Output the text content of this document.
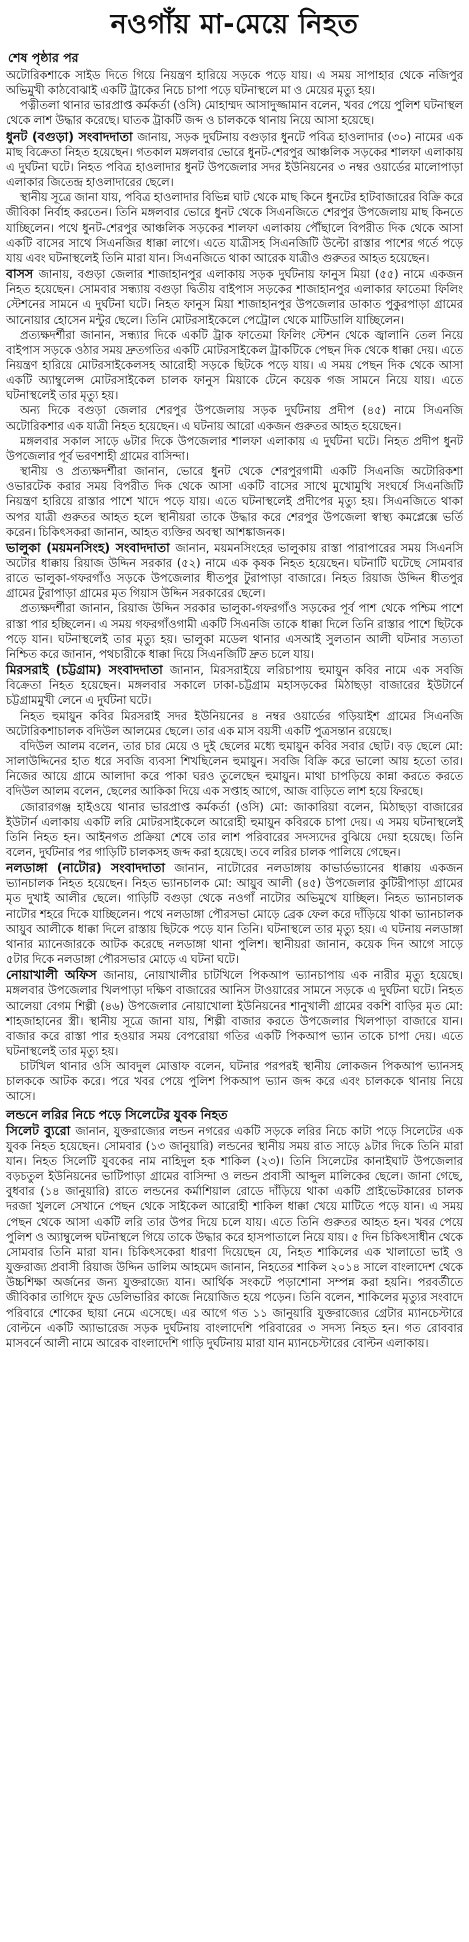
নওগাঁয় মা-মেয়ে নিহত
শেষ পৃষ্ঠার পর

অটোরিকশাকে সাইড দিতে গিয়ে নিয়ন্ত্রণ হারিয়ে সড়কে পড়ে যায়। এ সময় সাপাহার থেকে নজিপুর অভিমুখী কাঠবোঝাই একটি ট্রাকের নিচে চাপা পড়ে ঘটনাস্থলে মা ও মেয়ের মৃত্যু হয়।

পত্নীতলা থানার ভারপ্রাপ্ত কর্মকর্তা (ওসি) মোহাম্মদ আসাদুজ্জামান বলেন, খবর পেয়ে পুলিশ ঘটনাস্থল থেকে লাশ উদ্ধার করেছে। ঘাতক ট্রাকটি জব্দ ও চালককে থানায় নিয়ে আসা হয়েছে।

ধুনট (বগুড়া) সংবাদদাতা জানায়, সড়ক দুর্ঘটনায় বগুড়ার ধুনটে পবিত্র হাওলাদার (৩০) নামের এক মাছ বিক্রেতা নিহত হয়েছেন। গতকাল মঙ্গলবার ভোরে ধুনট-শেরপুর আঞ্চলিক সড়কের শালফা এলাকায় এ দুর্ঘটনা ঘটে। নিহত পবিত্র হাওলাদার ধুনট উপজেলার সদর ইউনিয়নের ৩ নম্বর ওয়ার্ডের মালোপাড়া এলাকার জিতেন্দ্র হাওলাদারের ছেলে।

স্থানীয় সূত্রে জানা যায়, পবিত্র হাওলাদার বিভিন্ন ঘাট থেকে মাছ কিনে ধুনটের হাটবাজারের বিক্রি করে জীবিকা নির্বাহ করতেন। তিনি মঙ্গলবার ভোরে ধুনট থেকে সিএনজিতে শেরপুর উপজেলায় মাছ কিনতে যাচ্ছিলেন। পথে ধুনট-শেরপুর আঞ্চলিক সড়কের শালফা এলাকায় পৌঁছালে বিপরীত দিক থেকে আসা একটি বাসের সাথে সিএনজির ধাক্কা লাগে। এতে যাত্রীসহ সিএনজিটি উল্টো রাস্তার পাশের গর্তে পড়ে যায় এবং ঘটনাস্থলেই তিনি মারা যান। সিএনজিতে থাকা আরেক যাত্রীও গুরুতর আহত হয়েছেন।

বাসস জানায়, বগুড়া জেলার শাজাহানপুর এলাকায় সড়ক দুর্ঘটনায় ফানুস মিয়া (৫৫) নামে একজন নিহত হয়েছেন। সোমবার সন্ধ্যায় বগুড়া দ্বিতীয় বাইপাস সড়কের শাজাহানপুর এলাকার ফাতেমা ফিলিং স্টেশনের সামনে এ দুর্ঘটনা ঘটে। নিহত ফানুস মিয়া শাজাহানপুর উপজেলার ডাকাত পুকুরপাড়া গ্রামের আনোয়ার হোসেন মন্টুর ছেলে। তিনি মোটরসাইকেলে পেট্রোল থেকে মাটিডালি যাচ্ছিলেন।

প্রত্যক্ষদর্শীরা জানান, সন্ধ্যার দিকে একটি ট্রাক ফাতেমা ফিলিং স্টেশন থেকে জ্বালানি তেল নিয়ে বাইপাস সড়কে ওঠার সময় দ্রুতগতির একটি মোটরসাইকেল ট্রাকটিকে পেছন দিক থেকে ধাক্কা দেয়। এতে নিয়ন্ত্রণ হারিয়ে মোটরসাইকেলসহ আরোহী সড়কে ছিটকে পড়ে যায়। এ সময় পেছন দিক থেকে আসা একটি অ্যাম্বুলেন্স মোটরসাইকেল চালক ফানুস মিয়াকে টেনে কয়েক গজ সামনে নিয়ে যায়। এতে ঘটনাস্থলেই তার মৃত্যু হয়।

অন্য দিকে বগুড়া জেলার শেরপুর উপজেলায় সড়ক দুর্ঘটনায় প্রদীপ (৪৫) নামে সিএনজি অটোরিকশার এক যাত্রী নিহত হয়েছেন। এ ঘটনায় আরো একজন গুরুতর আহত হয়েছেন।

মঙ্গলবার সকাল সাড়ে ৬টার দিকে উপজেলার শালফা এলাকায় এ দুর্ঘটনা ঘটে। নিহত প্রদীপ ধুনট উপজেলার পূর্ব ভরণশাহী গ্রামের বাসিন্দা।

স্থানীয় ও প্রত্যক্ষদর্শীরা জানান, ভোরে ধুনট থেকে শেরপুরগামী একটি সিএনজি অটোরিকশা ওভারটেক করার সময় বিপরীত দিক থেকে আসা একটি বাসের সাথে মুখোমুখি সংঘর্ষে সিএনজিটি নিয়ন্ত্রণ হারিয়ে রাস্তার পাশে খাদে পড়ে যায়। এতে ঘটনাস্থলেই প্রদীপের মৃত্যু হয়। সিএনজিতে থাকা অপর যাত্রী গুরুতর আহত হলে স্থানীয়রা তাকে উদ্ধার করে শেরপুর উপজেলা স্বাস্থ্য কমপ্লেক্সে ভর্তি করেন। চিকিৎসকরা জানান, আহত ব্যক্তির অবস্থা আশঙ্কাজনক।

ভালুকা (ময়মনসিংহ) সংবাদদাতা জানান, ময়মনসিংহের ভালুকায় রাস্তা পারাপারের সময় সিএনসি অটোর ধাক্কায় রিয়াজ উদ্দিন সরকার (৫২) নামে এক কৃষক নিহত হয়েছেন। ঘটনাটি ঘটেছে সোমবার রাতে ভালুকা-গফরগাঁও সড়কে উপজেলার ধীতপুর টুরাপাড়া বাজারে। নিহত রিয়াজ উদ্দিন ধীতপুর গ্রামের টুরাপাড়া গ্রামের মৃত গিয়াস উদ্দিন সরকারের ছেলে।

প্রত্যক্ষদর্শীরা জানান, রিয়াজ উদ্দিন সরকার ভালুকা-গফরগাঁও সড়কের পূর্ব পাশ থেকে পশ্চিম পাশে রাস্তা পার হচ্ছিলেন। এ সময় গফরগাঁওগামী একটি সিএনজি তাকে ধাক্কা দিলে তিনি রাস্তার পাশে ছিটকে পড়ে যান। ঘটনাস্থলেই তার মৃত্যু হয়। ভালুকা মডেল থানার এসআই সুলতান আলী ঘটনার সত্যতা নিশ্চিত করে জানান, পথচারীকে ধাক্কা দিয়ে সিএনজিটি দ্রুত চলে যায়।

মিরসরাই (চট্টগ্রাম) সংবাদদাতা জানান, মিরসরাইয়ে লরিচাপায় হুমায়ুন কবির নামে এক সবজি বিক্রেতা নিহত হয়েছেন। মঙ্গলবার সকালে ঢাকা-চট্টগ্রাম মহাসড়কের মিঠাছড়া বাজারের ইউটার্নে চট্টগ্রামমুখী লেনে এ দুর্ঘটনা ঘটে।

নিহত হুমায়ুন কবির মিরসরাই সদর ইউনিয়নের ৪ নম্বর ওয়ার্ডের গড়িয়াইশ গ্রামের সিএনজি অটোরিকশাচালক বদিউল আলমের ছেলে। তার এক মাস বয়সী একটি পুত্রসন্তান রয়েছে।

বদিউল আলম বলেন, তার চার মেয়ে ও দুই ছেলের মধ্যে হুমায়ুন কবির সবার ছোট। বড় ছেলে মো: সালাউদ্দিনের হাত ধরে সবজি ব্যবসা শিখছিলেন হুমায়ুন। সবজি বিক্রি করে ভালো আয় হতো তার। নিজের আয়ে গ্রামে আলাদা করে পাকা ঘরও তুলেছেন হুমায়ুন। মাথা চাপড়িয়ে কান্না করতে করতে বদিউল আলম বলেন, ছেলের আকিকা দিয়ে এক সপ্তাহ আগে, আজ বাড়িতে লাশ হয়ে ফিরছে।

জোরারগঞ্জ হাইওয়ে থানার ভারপ্রাপ্ত কর্মকর্তা (ওসি) মো: জাকারিয়া বলেন, মিঠাছড়া বাজারের ইউটার্ন এলাকায় একটি লরি মোটরসাইকেলে আরোহী হুমায়ুন কবিরকে চাপা দেয়। এ সময় ঘটনাস্থলেই তিনি নিহত হন। আইনগত প্রক্রিয়া শেষে তার লাশ পরিবারের সদস্যদের বুঝিয়ে দেয়া হয়েছে। তিনি বলেন, দুর্ঘটনার পর গাড়িটি চালকসহ জব্দ করা হয়েছে। তবে লরির চালক পালিয়ে গেছেন।

নলডাঙ্গা (নাটোর) সংবাদদাতা জানান, নাটোরের নলডাঙ্গায় কাভার্ডভ্যানের ধাক্কায় একজন ভ্যানচালক নিহত হয়েছেন। নিহত ভ্যানচালক মো: আয়ুব আলী (৪৫) উপজেলার কুটিরীপাড়া গ্রামের মৃত দুখাই আলীর ছেলে। গাড়িটি বগুড়া থেকে নওগাঁ নাটোর অভিমুখে যাচ্ছিল। নিহত ভ্যানচালক নাটোর শহরে দিকে যাচ্ছিলেন। পথে নলডাঙ্গা পৌরসভা মোড়ে ব্রেক ফেল করে দাঁড়িয়ে থাকা ভ্যানচালক আয়ুব আলীকে ধাক্কা দিলে রাস্তায় ছিটকে পড়ে যান তিনি। ঘটনাস্থলে তার মৃত্যু হয়। এ ঘটনায় নলডাঙ্গা থানার ম্যানেজারকে আটক করেছে নলডাঙ্গা থানা পুলিশ। স্থানীয়রা জানান, কয়েক দিন আগে সাড়ে ৫টার দিকে নলডাঙ্গা পৌরসভার মোড়ে এ ঘটনা ঘটে।

নোয়াখালী অফিস জানায়, নোয়াখালীর চাটখিলে পিকআপ ভ্যানচাপায় এক নারীর মৃত্যু হয়েছে। মঙ্গলবার উপজেলার খিলপাড়া দক্ষিণ বাজারের আনিস টাওয়ারের সামনে সড়কে এ দুর্ঘটনা ঘটে। নিহত আলেয়া বেগম শিল্পী (৪৬) উপজেলার নোয়াখোলা ইউনিয়নের শানুখালী গ্রামের বকশি বাড়ির মৃত মো: শাহজাহানের স্ত্রী। স্থানীয় সূত্রে জানা যায়, শিল্পী বাজার করতে উপজেলার খিলপাড়া বাজারে যান। বাজার করে রাস্তা পার হওয়ার সময় বেপরোয়া গতির একটি পিকআপ ভ্যান তাকে চাপা দেয়। এতে ঘটনাস্থলেই তার মৃত্যু হয়।

চাটখিল থানার ওসি আবদুল মোত্তাফ বলেন, ঘটনার পরপরই স্থানীয় লোকজন পিকআপ ভ্যানসহ চালককে আটক করে। পরে খবর পেয়ে পুলিশ পিকআপ ভ্যান জব্দ করে এবং চালককে থানায় নিয়ে আসে।

লন্ডনে লরির নিচে পড়ে সিলেটের যুবক নিহত

সিলেট ব্যুরো জানান, যুক্তরাজ্যের লন্ডন নগরের একটি সড়কে লরির নিচে কাটা পড়ে সিলেটের এক যুবক নিহত হয়েছেন। সোমবার (১৩ জানুয়ারি) লন্ডনের স্থানীয় সময় রাত সাড়ে ৯টার দিকে তিনি মারা যান। নিহত সিলেটি যুবকের নাম নাহিদুল হক শাকিল (২৩)। তিনি সিলেটের কানাইঘাট উপজেলার বড়চতুল ইউনিয়নের ভাটিপাড়া গ্রামের বাসিন্দা ও লন্ডন প্রবাসী আব্দুল মালিকের ছেলে। জানা গেছে, বুধবার (১৪ জানুয়ারি) রাতে লন্ডনের কর্মাশিয়াল রোডে দাঁড়িয়ে থাকা একটি প্রাইভেটকারের চালক দরজা খুললে সেখানে পেছন থেকে সাইকেল আরোহী শাকিল ধাক্কা খেয়ে মাটিতে পড়ে যান। এ সময় পেছন থেকে আসা একটি লরি তার উপর দিয়ে চলে যায়। এতে তিনি গুরুতর আহত হন। খবর পেয়ে পুলিশ ও অ্যাম্বুলেন্স ঘটনাস্থলে গিয়ে তাকে উদ্ধার করে হাসপাতালে নিয়ে যায়। ৫ দিন চিকিৎসাধীন থেকে সোমবার তিনি মারা যান। চিকিৎসকেরা ধারণা দিয়েছেন যে, নিহত শাকিলের এক খালাতো ভাই ও যুক্তরাজ্য প্রবাসী রিয়াজ উদ্দিন ডালিম আহমেদ জানান, নিহতের শাকিল ২০১৪ সালে বাংলাদেশ থেকে উচ্চশিক্ষা অর্জনের জন্য যুক্তরাজ্যে যান। আর্থিক সংকটে পড়াশোনা সম্পন্ন করা হয়নি। পরবর্তীতে জীবিকার তাগিদে ফুড ডেলিভারির কাজে নিয়োজিত হয়ে পড়েন। তিনি বলেন, শাকিলের মৃত্যুর সংবাদে পরিবারে শোকের ছায়া নেমে এসেছে। এর আগে গত ১১ জানুয়ারি যুক্তরাজ্যের গ্রেটার ম্যানচেস্টারে বোল্টনে একটি অ্যাভারেজ সড়ক দুর্ঘটনায় বাংলাদেশি পরিবারের ৩ সদস্য নিহত হন। গত রোববার মাসবর্নে আলী নামে আরেক বাংলাদেশি গাড়ি দুর্ঘটনায় মারা যান ম্যানচেস্টারের বোল্টন এলাকায়।
